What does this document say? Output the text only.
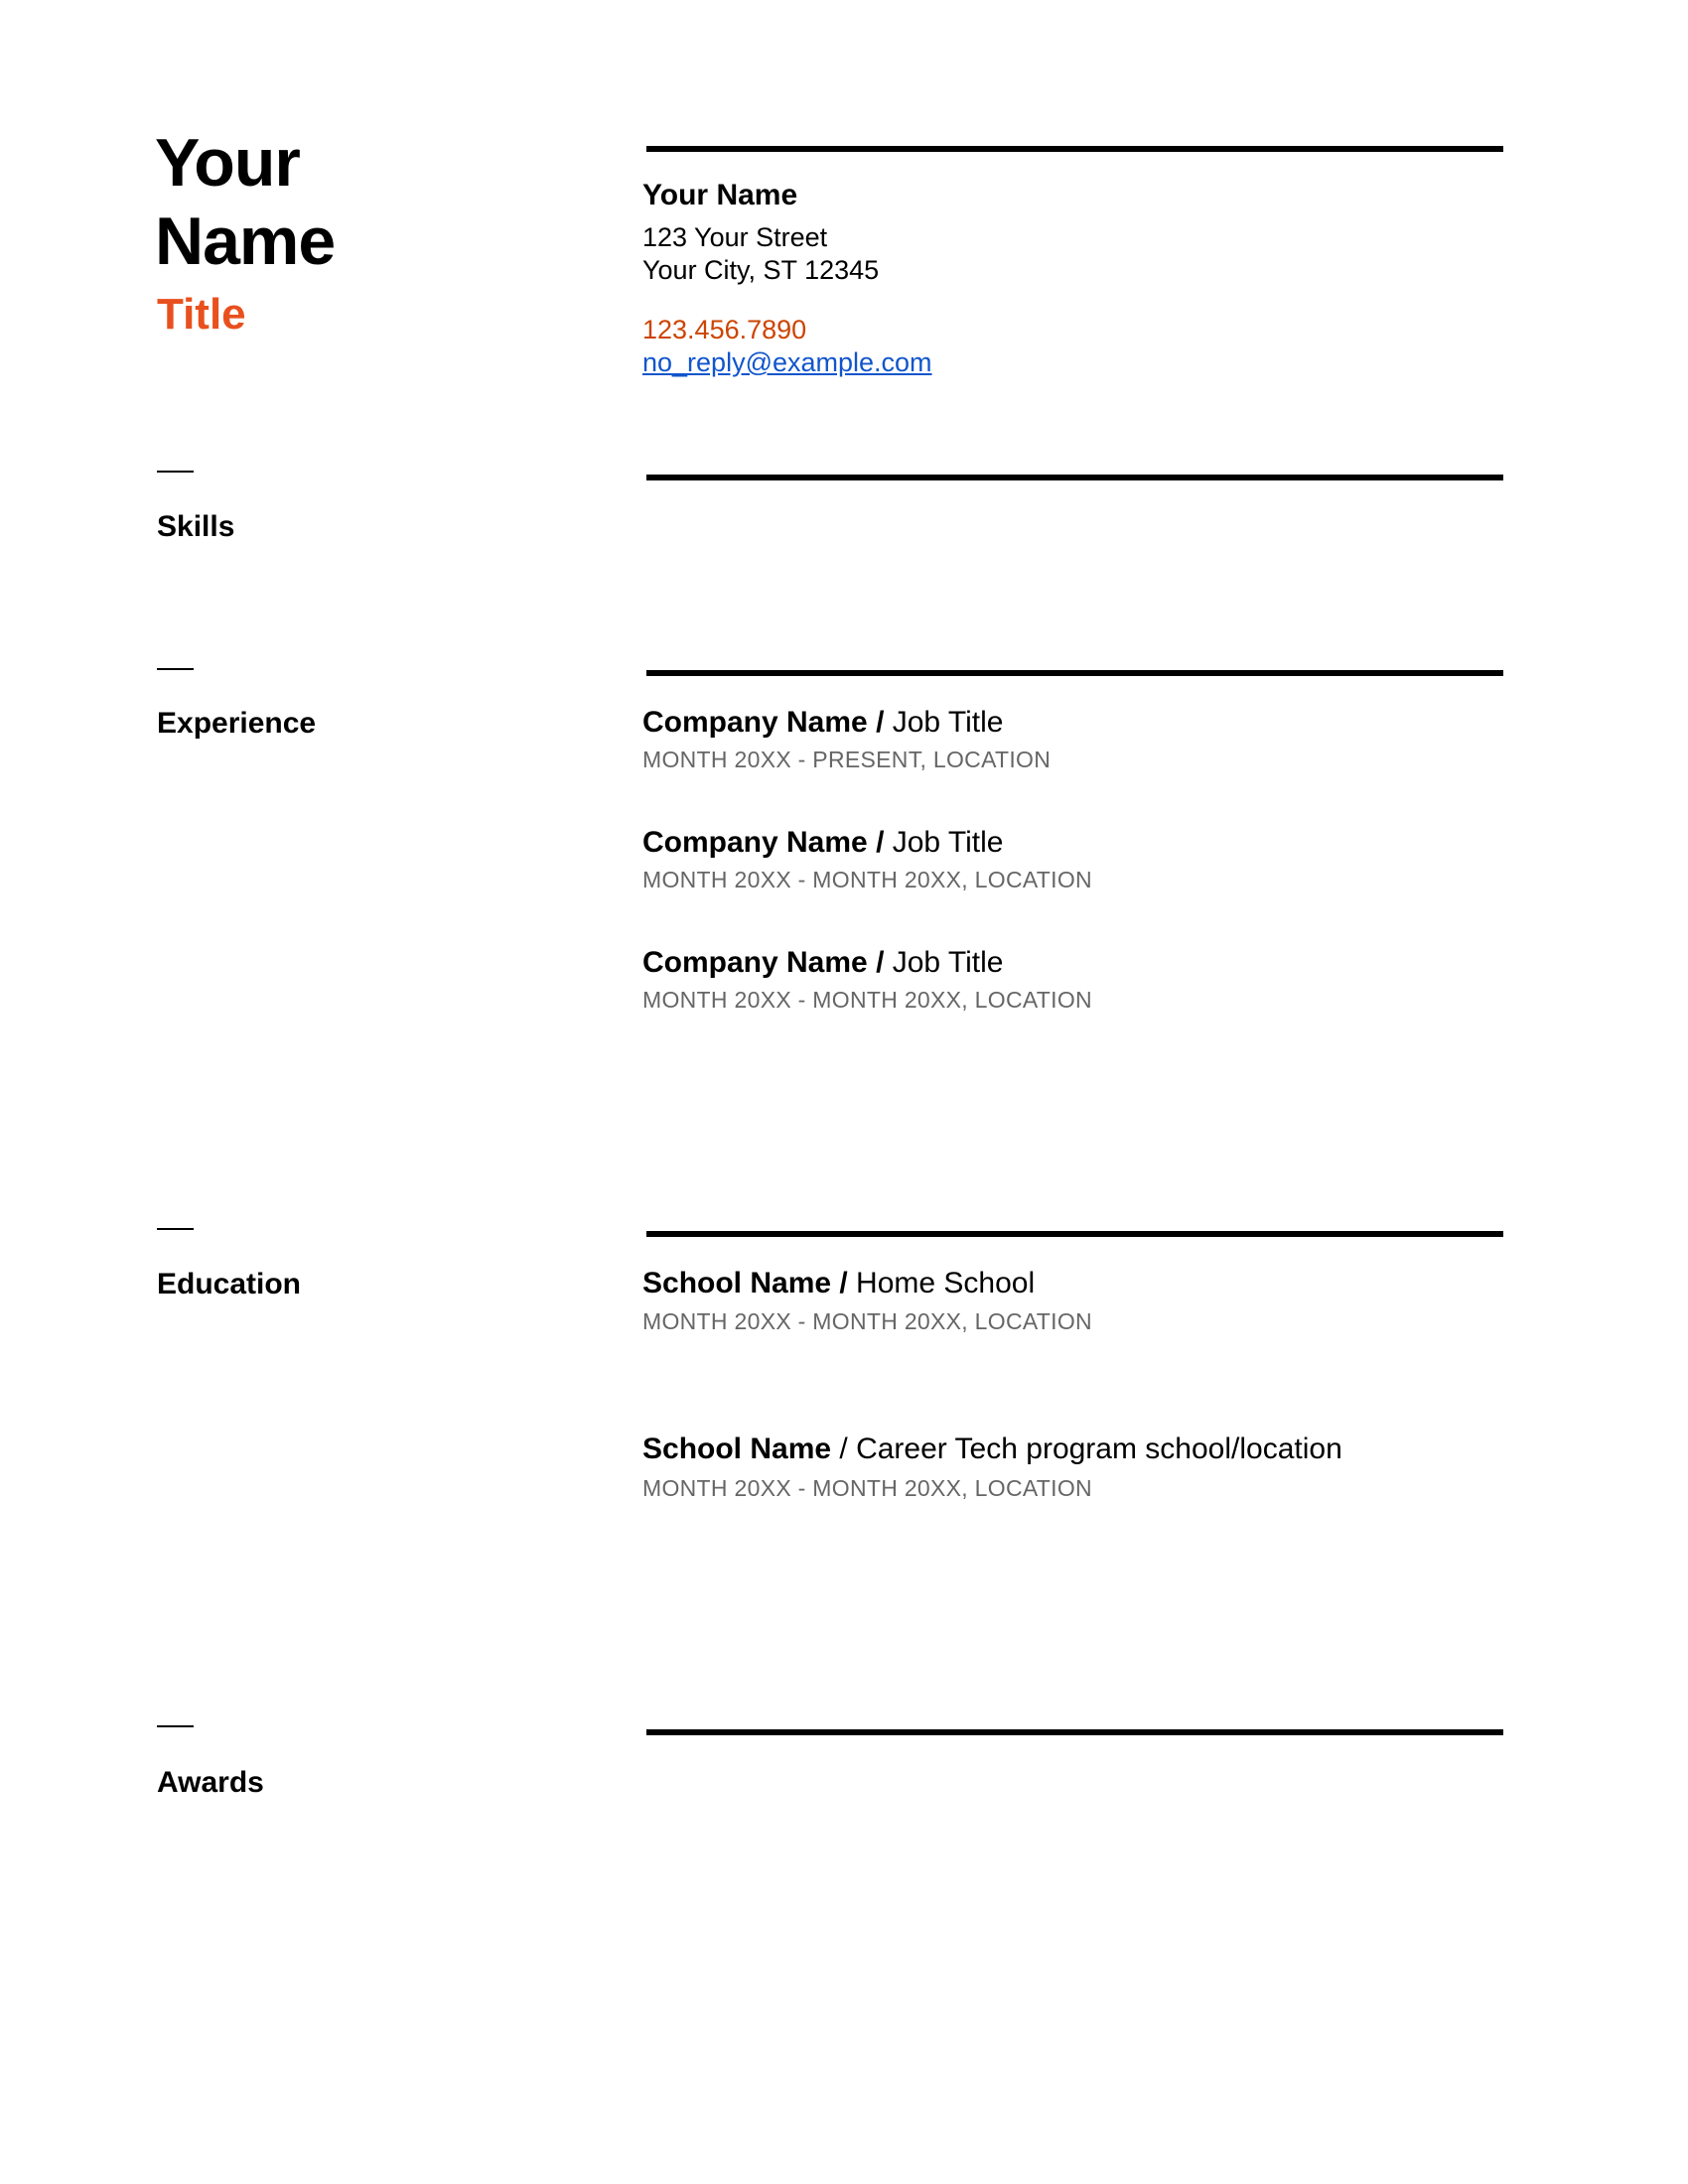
Your
Name
Title
Your Name
123 Your Street
Your City, ST 12345
123.456.7890
no_reply@example.com
Skills
Experience	Company Name / Job Title
MONTH 20XX - PRESENT, LOCATION
Company Name / Job Title
MONTH 20XX - MONTH 20XX, LOCATION
Company Name / Job Title
MONTH 20XX - MONTH 20XX, LOCATION
Education	School Name / Home School
MONTH 20XX - MONTH 20XX, LOCATION
School Name / Career Tech program school/location
MONTH 20XX - MONTH 20XX, LOCATION
Awards
